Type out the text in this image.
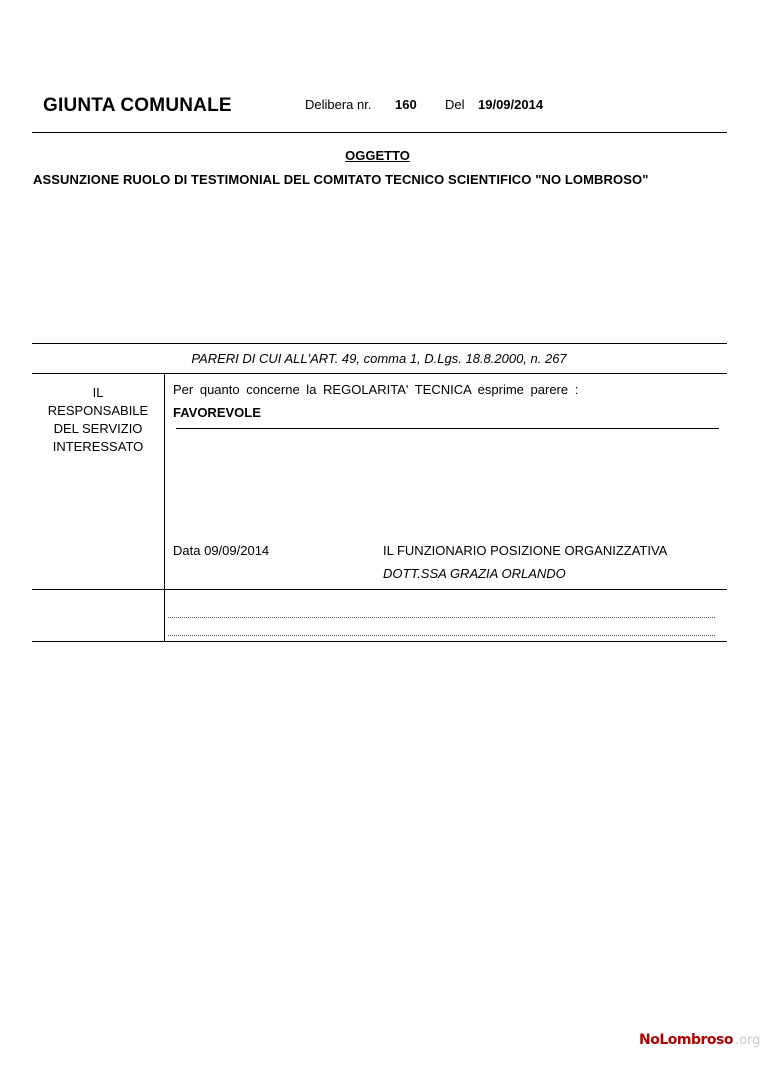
GIUNTA COMUNALE	Delibera nr. 160 Del 19/09/2014
OGGETTO
ASSUNZIONE RUOLO DI TESTIMONIAL DEL COMITATO TECNICO SCIENTIFICO "NO LOMBROSO"
PARERI DI CUI ALL'ART. 49, comma 1, D.Lgs. 18.8.2000, n. 267
IL
RESPONSABILE
DEL SERVIZIO
INTERESSATO
Per quanto concerne la REGOLARITA' TECNICA esprime parere :
FAVOREVOLE
Data 09/09/2014	IL FUNZIONARIO POSIZIONE ORGANIZZATIVA
DOTT.SSA GRAZIA ORLANDO
NoLombroso .org
